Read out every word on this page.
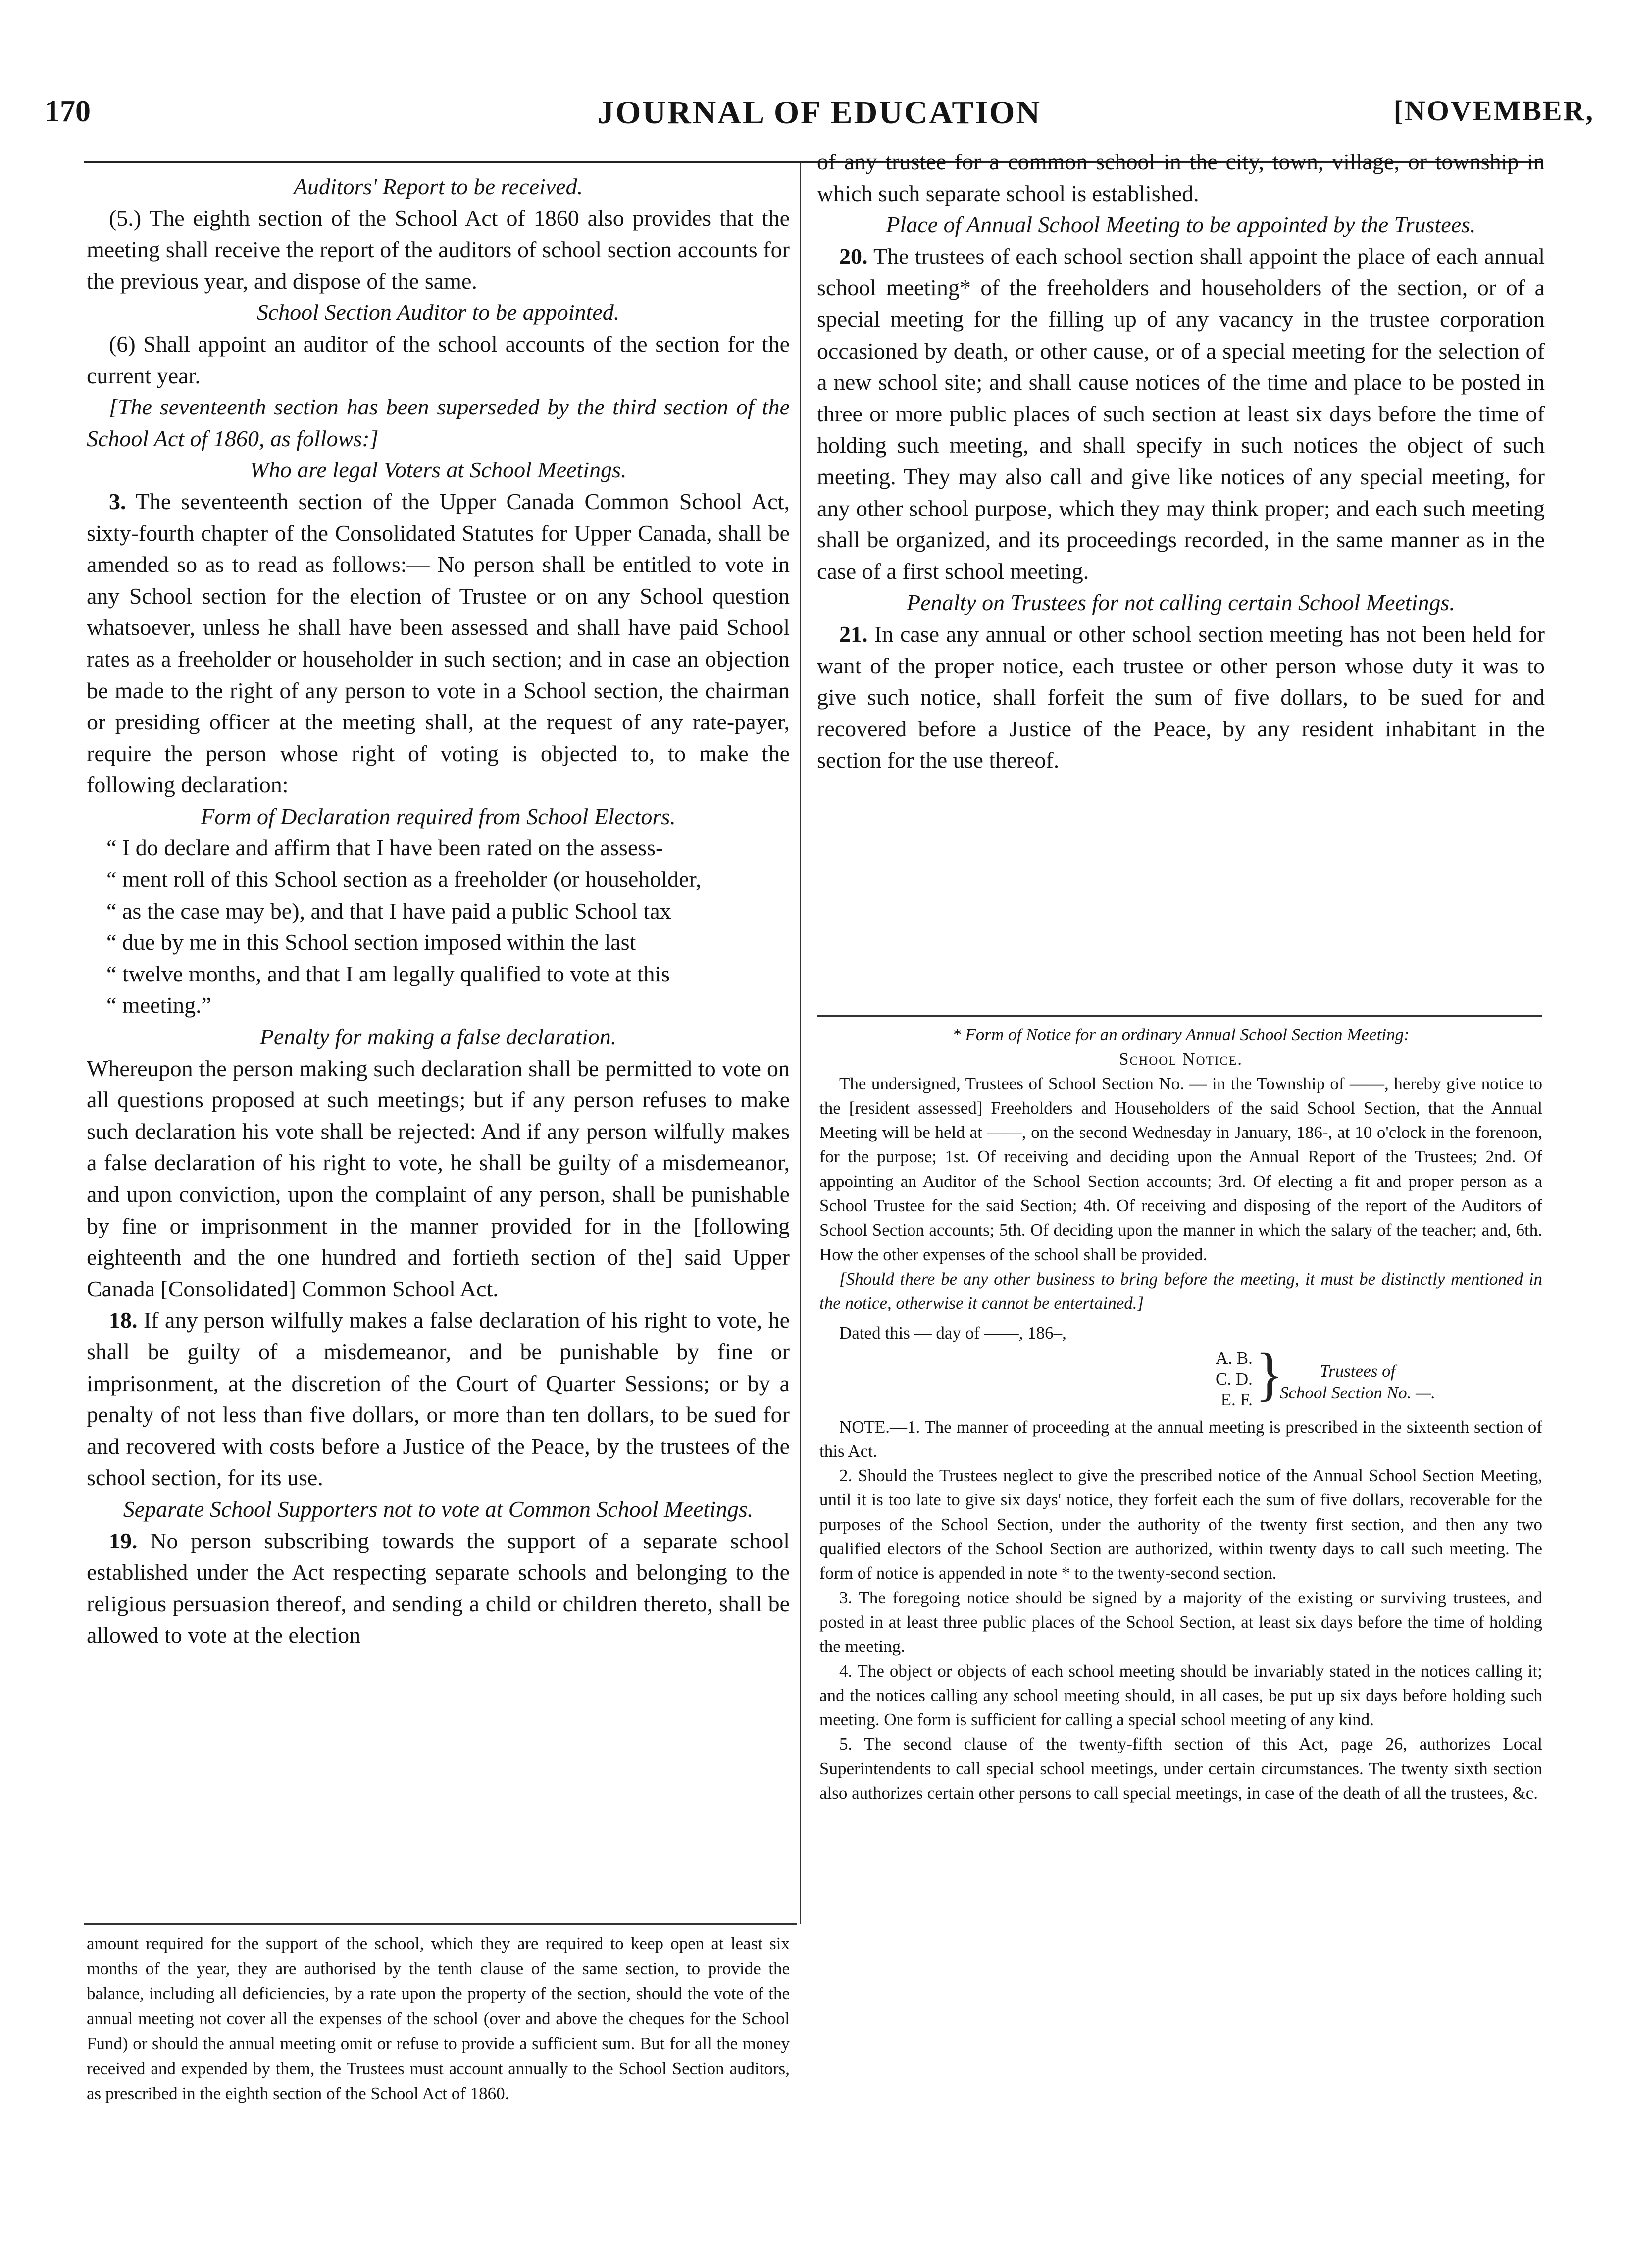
170	JOURNAL OF EDUCATION	[NOVEMBER,
Auditors' Report to be received.

(5.) The eighth section of the School Act of 1860 also provides that the meeting shall receive the report of the auditors of school section accounts for the previous year, and dispose of the same.

School Section Auditor to be appointed.

(6) Shall appoint an auditor of the school accounts of the section for the current year.

[The seventeenth section has been superseded by the third section of the School Act of 1860, as follows:]

Who are legal Voters at School Meetings.

3. The seventeenth section of the Upper Canada Common School Act, sixty-fourth chapter of the Consolidated Statutes for Upper Canada, shall be amended so as to read as follows:— No person shall be entitled to vote in any School section for the election of Trustee or on any School question whatsoever, unless he shall have been assessed and shall have paid School rates as a freeholder or householder in such section; and in case an objection be made to the right of any person to vote in a School section, the chairman or presiding officer at the meeting shall, at the request of any rate-payer, require the person whose right of voting is objected to, to make the following declaration:

Form of Declaration required from School Electors.
“ I do declare and affirm that I have been rated on the assess-
“ ment roll of this School section as a freeholder (or householder,
“ as the case may be), and that I have paid a public School tax
“ due by me in this School section imposed within the last
“ twelve months, and that I am legally qualified to vote at this
“ meeting.”
Penalty for making a false declaration.

Whereupon the person making such declaration shall be permitted to vote on all questions proposed at such meetings; but if any person refuses to make such declaration his vote shall be rejected: And if any person wilfully makes a false declaration of his right to vote, he shall be guilty of a misdemeanor, and upon conviction, upon the complaint of any person, shall be punishable by fine or imprisonment in the manner provided for in the [following eighteenth and the one hundred and fortieth section of the] said Upper Canada [Consolidated] Common School Act.

18. If any person wilfully makes a false declaration of his right to vote, he shall be guilty of a misdemeanor, and be punishable by fine or imprisonment, at the discretion of the Court of Quarter Sessions; or by a penalty of not less than five dollars, or more than ten dollars, to be sued for and recovered with costs before a Justice of the Peace, by the trustees of the school section, for its use.

Separate School Supporters not to vote at Common School Meetings.

19. No person subscribing towards the support of a separate school established under the Act respecting separate schools and belonging to the religious persuasion thereof, and sending a child or children thereto, shall be allowed to vote at the election

amount required for the support of the school, which they are required to keep open at least six months of the year, they are authorised by the tenth clause of the same section, to provide the balance, including all deficiencies, by a rate upon the property of the section, should the vote of the annual meeting not cover all the expenses of the school (over and above the cheques for the School Fund) or should the annual meeting omit or refuse to provide a sufficient sum. But for all the money received and expended by them, the Trustees must account annually to the School Section auditors, as prescribed in the eighth section of the School Act of 1860.

of any trustee for a common school in the city, town, village, or township in which such separate school is established.

Place of Annual School Meeting to be appointed by the Trustees.

20. The trustees of each school section shall appoint the place of each annual school meeting* of the freeholders and householders of the section, or of a special meeting for the filling up of any vacancy in the trustee corporation occasioned by death, or other cause, or of a special meeting for the selection of a new school site; and shall cause notices of the time and place to be posted in three or more public places of such section at least six days before the time of holding such meeting, and shall specify in such notices the object of such meeting. They may also call and give like notices of any special meeting, for any other school purpose, which they may think proper; and each such meeting shall be organized, and its proceedings recorded, in the same manner as in the case of a first school meeting.

Penalty on Trustees for not calling certain School Meetings.

21. In case any annual or other school section meeting has not been held for want of the proper notice, each trustee or other person whose duty it was to give such notice, shall forfeit the sum of five dollars, to be sued for and recovered before a Justice of the Peace, by any resident inhabitant in the section for the use thereof.

* Form of Notice for an ordinary Annual School Section Meeting:

School Notice.

The undersigned, Trustees of School Section No. — in the Township of ——, hereby give notice to the [resident assessed] Freeholders and Householders of the said School Section, that the Annual Meeting will be held at ——, on the second Wednesday in January, 186-, at 10 o'clock in the forenoon, for the purpose; 1st. Of receiving and deciding upon the Annual Report of the Trustees; 2nd. Of appointing an Auditor of the School Section accounts; 3rd. Of electing a fit and proper person as a School Trustee for the said Section; 4th. Of receiving and disposing of the report of the Auditors of School Section accounts; 5th. Of deciding upon the manner in which the salary of the teacher; and, 6th. How the other expenses of the school shall be provided.

[Should there be any other business to bring before the meeting, it must be distinctly mentioned in the notice, otherwise it cannot be entertained.]

Dated this — day of ——, 186–,
A. B.
C. D.
E. F. }	Trustees of
School Section No. —.

NOTE.—1. The manner of proceeding at the annual meeting is prescribed in the sixteenth section of this Act.

2. Should the Trustees neglect to give the prescribed notice of the Annual School Section Meeting, until it is too late to give six days' notice, they forfeit each the sum of five dollars, recoverable for the purposes of the School Section, under the authority of the twenty first section, and then any two qualified electors of the School Section are authorized, within twenty days to call such meeting. The form of notice is appended in note * to the twenty-second section.

3. The foregoing notice should be signed by a majority of the existing or surviving trustees, and posted in at least three public places of the School Section, at least six days before the time of holding the meeting.

4. The object or objects of each school meeting should be invariably stated in the notices calling it; and the notices calling any school meeting should, in all cases, be put up six days before holding such meeting. One form is sufficient for calling a special school meeting of any kind.

5. The second clause of the twenty-fifth section of this Act, page 26, authorizes Local Superintendents to call special school meetings, under certain circumstances. The twenty sixth section also authorizes certain other persons to call special meetings, in case of the death of all the trustees, &c.
